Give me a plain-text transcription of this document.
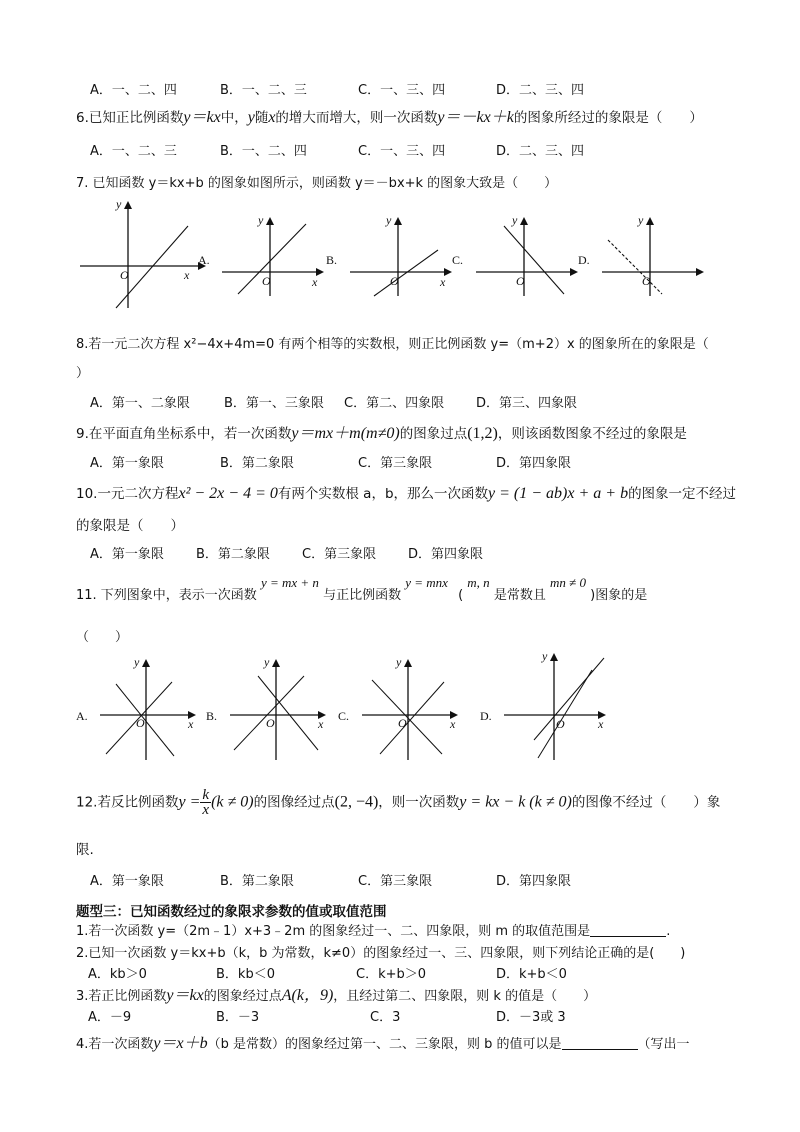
A．一、二、四	B．一、二、三	C．一、三、四	D．二、三、四
6.已知正比例函数y＝kx中，y随x的增大而增大，则一次函数y＝－kx＋k的图象所经过的象限是（　　）
A．一、二、三	B．一、二、四	C．一、三、四	D．二、三、四
7. 已知函数 y＝kx+b 的图象如图所示，则函数 y＝－bx+k 的图象大致是（　　）
y
O	x
A.
y
O	x
B.
y
O	x
C.
y
O
D.
y
O
8.若一元二次方程 x²−4x+4m=0 有两个相等的实数根，则正比例函数 y=（m+2）x 的图象所在的象限是（
）
A．第一、二象限	B．第一、三象限 C．第二、四象限 D．第三、四象限
9.在平面直角坐标系中，若一次函数y＝mx＋m(m≠0)的图象过点(1,2)，则该函数图象不经过的象限是
A．第一象限	B．第二象限	C．第三象限	D．第四象限
10.一元二次方程x² − 2x − 4 = 0有两个实数根 a，b，那么一次函数y = (1 − ab)x + a + b的图象一定不经过
的象限是（　　）
A．第一象限 B．第二象限 C．第三象限 D．第四象限
11. 下列图象中，表示一次函数 y = mx + n 与正比例函数 y = mnx ( m, n 是常数且 mn ≠ 0 )图象的是
（　　）
A.
y
O	x
B.
y
O	x
C.
y
O	x
D.
y
O	x
12.若反比例函数$y = \frac{k}{x} (k \ne 0)$的图像经过点(2, −4)，则一次函数y = kx − k (k ≠ 0)的图像不经过（　　）象
限.
A．第一象限	B．第二象限	C．第三象限	D．第四象限
题型三：已知函数经过的象限求参数的值或取值范围
1.若一次函数 y=（2m﹣1）x+3﹣2m 的图象经过一、二、四象限，则 m 的取值范围是	.
2.已知一次函数 y＝kx+b（k，b 为常数，k≠0）的图象经过一、三、四象限，则下列结论正确的是(　　)
A．kb＞0	B．kb＜0	C．k+b＞0	D．k+b＜0
3.若正比例函数y＝kx的图象经过点A(k，9)，且经过第二、四象限，则 k 的值是（　　）
A．－9	B．－3	C．3	D．－3或 3
4.若一次函数y＝x＋b（b 是常数）的图象经过第一、二、三象限，则 b 的值可以是	（写出一
